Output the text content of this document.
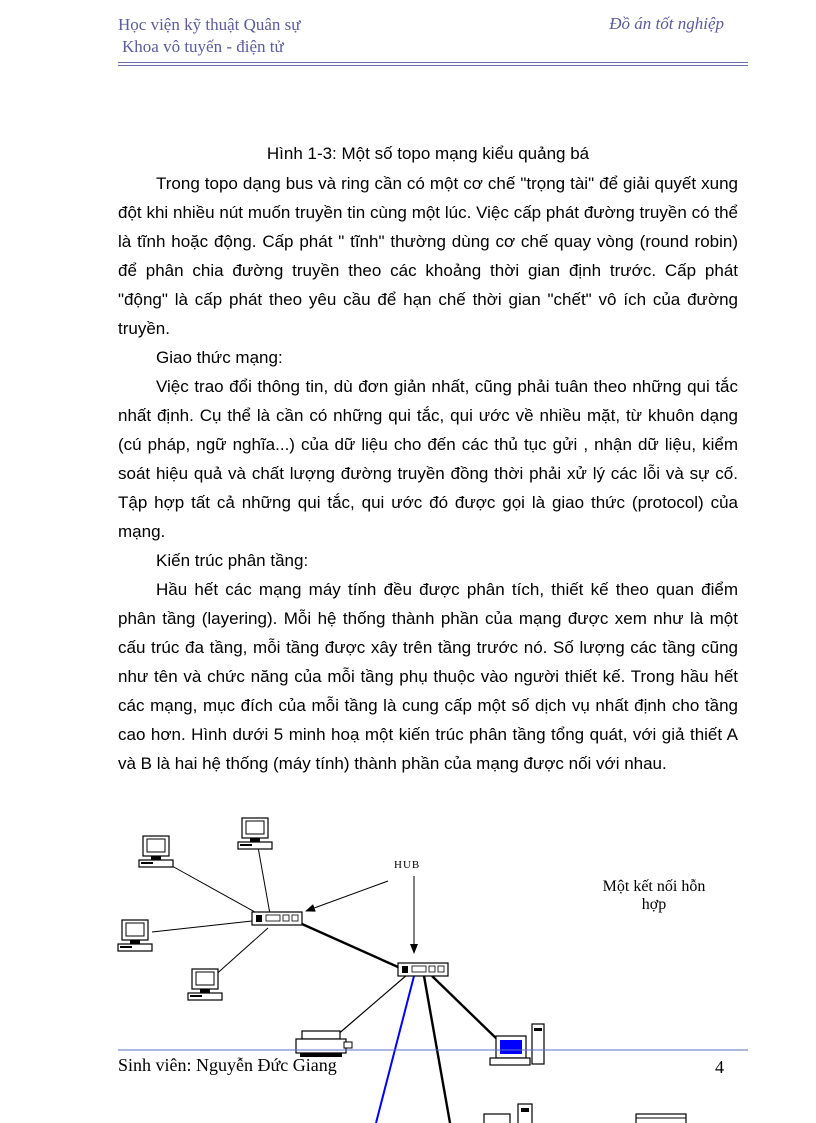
Học viện kỹ thuật Quân sự
Khoa vô tuyến - điện tử
Đồ án tốt nghiệp
Hình 1-3: Một số topo mạng kiểu quảng bá

Trong topo dạng bus và ring cần có một cơ chế "trọng tài" để giải quyết xung đột khi nhiều nút muốn truyền tin cùng một lúc. Việc cấp phát đường truyền có thể là tĩnh hoặc động. Cấp phát " tĩnh" thường dùng cơ chế quay vòng (round robin) để phân chia đường truyền theo các khoảng thời gian định trước. Cấp phát "động" là cấp phát theo yêu cầu để hạn chế thời gian "chết" vô ích của đường truyền.

Giao thức mạng:

Việc trao đổi thông tin, dù đơn giản nhất, cũng phải tuân theo những qui tắc nhất định. Cụ thể là cần có những qui tắc, qui ước về nhiều mặt, từ khuôn dạng (cú pháp, ngữ nghĩa...) của dữ liệu cho đến các thủ tục gửi , nhận dữ liệu, kiểm soát hiệu quả và chất lượng đường truyền đồng thời phải xử lý các lỗi và sự cố. Tập hợp tất cả những qui tắc, qui ước đó được gọi là giao thức (protocol) của mạng.

Kiến trúc phân tầng:

Hầu hết các mạng máy tính đều được phân tích, thiết kế theo quan điểm phân tầng (layering). Mỗi hệ thống thành phần của mạng được xem như là một cấu trúc đa tầng, mỗi tầng được xây trên tầng trước nó. Số lượng các tầng cũng như tên và chức năng của mỗi tầng phụ thuộc vào người thiết kế. Trong hầu hết các mạng, mục đích của mỗi tầng là cung cấp một số dịch vụ nhất định cho tầng cao hơn. Hình dưới 5 minh hoạ một kiến trúc phân tầng tổng quát, với giả thiết A và B là hai hệ thống (máy tính) thành phần của mạng được nối với nhau.

HUB
Một kết nối hỗn
hợp
Sinh viên: Nguyễn Đức Giang	4
